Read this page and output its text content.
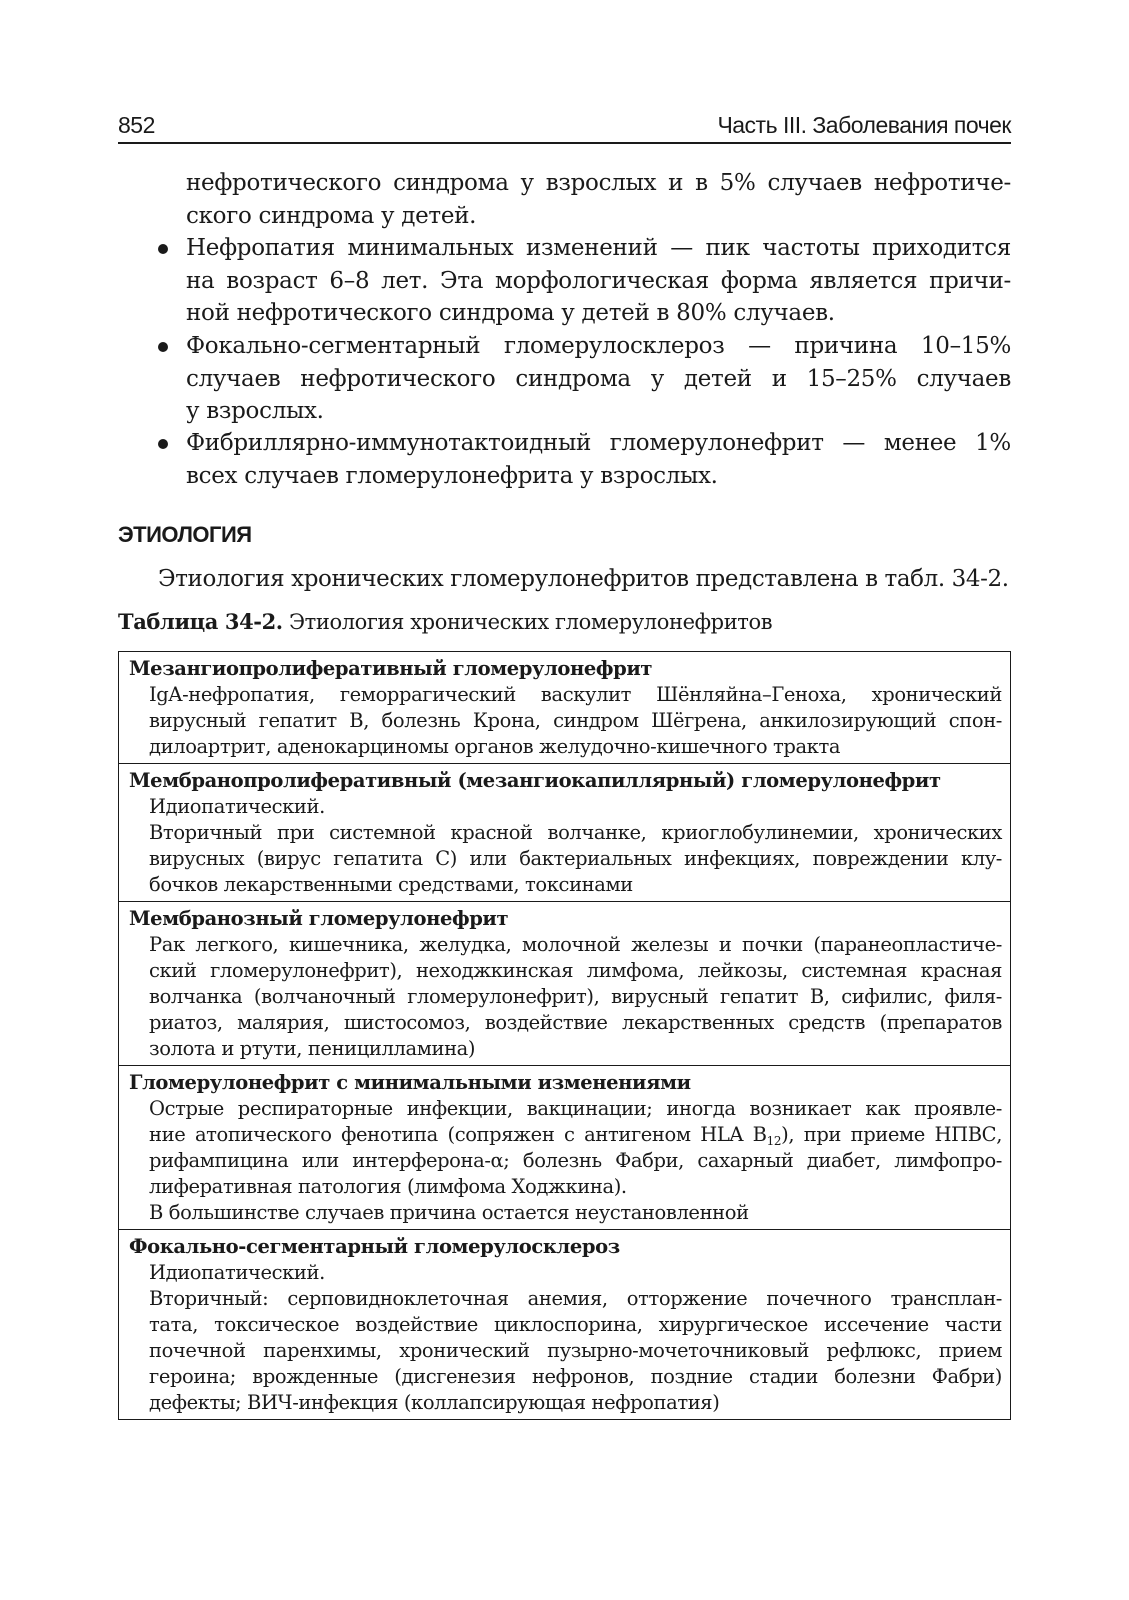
852	Часть III. Заболевания почек
нефротического синдрома у взрослых и в 5% случаев нефротиче-
ского синдрома у детей.
Нефропатия минимальных изменений — пик частоты приходится
на возраст 6–8 лет. Эта морфологическая форма является причи-
ной нефротического синдрома у детей в 80% случаев.
Фокально-сегментарный гломерулосклероз — причина 10–15%
случаев нефротического синдрома у детей и 15–25% случаев
у взрослых.
Фибриллярно-иммунотактоидный гломерулонефрит — менее 1%
всех случаев гломерулонефрита у взрослых.
ЭТИОЛОГИЯ
Этиология хронических гломерулонефритов представлена в табл. 34-2.
Таблица 34-2. Этиология хронических гломерулонефритов
Мезангиопролиферативный гломерулонефрит
IgA-нефропатия, геморрагический васкулит Шёнляйна–Геноха, хронический
вирусный гепатит В, болезнь Крона, синдром Шёгрена, анкилозирующий спон-
дилоартрит, аденокарциномы органов желудочно-кишечного тракта
Мембранопролиферативный (мезангиокапиллярный) гломерулонефрит
Идиопатический.
Вторичный при системной красной волчанке, криоглобулинемии, хронических
вирусных (вирус гепатита С) или бактериальных инфекциях, повреждении клу-
бочков лекарственными средствами, токсинами
Мембранозный гломерулонефрит
Рак легкого, кишечника, желудка, молочной железы и почки (паранеопластиче-
ский гломерулонефрит), неходжкинская лимфома, лейкозы, системная красная
волчанка (волчаночный гломерулонефрит), вирусный гепатит В, сифилис, филя-
риатоз, малярия, шистосомоз, воздействие лекарственных средств (препаратов
золота и ртути, пеницилламина)
Гломерулонефрит с минимальными изменениями
Острые респираторные инфекции, вакцинации; иногда возникает как проявле-
ние атопического фенотипа (сопряжен с антигеном HLA $B_{12}$), при приеме НПВС,
рифампицина или интерферона-α; болезнь Фабри, сахарный диабет, лимфопро-
лиферативная патология (лимфома Ходжкина).
В большинстве случаев причина остается неустановленной
Фокально-сегментарный гломерулосклероз
Идиопатический.
Вторичный: серповидноклеточная анемия, отторжение почечного трансплан-
тата, токсическое воздействие циклоспорина, хирургическое иссечение части
почечной паренхимы, хронический пузырно-мочеточниковый рефлюкс, прием
героина; врожденные (дисгенезия нефронов, поздние стадии болезни Фабри)
дефекты; ВИЧ-инфекция (коллапсирующая нефропатия)
